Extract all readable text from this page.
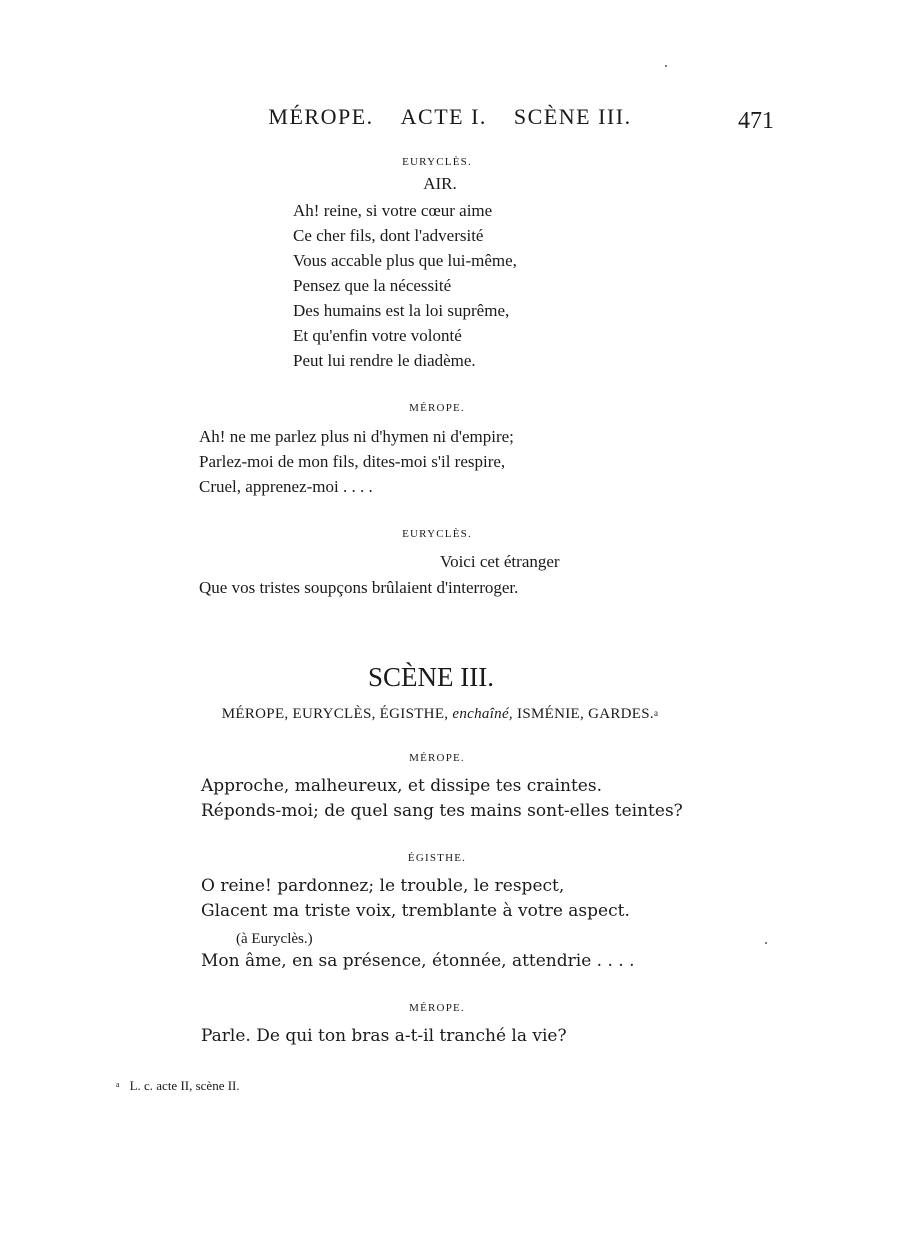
MÉROPE. ACTE I. SCÈNE III.	471
EURYCLÈS.
AIR.
Ah! reine, si votre cœur aime
Ce cher fils, dont l'adversité
Vous accable plus que lui-même,
Pensez que la nécessité
Des humains est la loi suprême,
Et qu'enfin votre volonté
Peut lui rendre le diadème.
MÉROPE.
Ah! ne me parlez plus ni d'hymen ni d'empire;
Parlez-moi de mon fils, dites-moi s'il respire,
Cruel, apprenez-moi . . . .
EURYCLÈS.
Voici cet étranger
Que vos tristes soupçons brûlaient d'interroger.
SCÈNE III.
MÉROPE, EURYCLÈS, ÉGISTHE, enchaîné, ISMÉNIE, GARDES.$^a$
MÉROPE.
Approche, malheureux, et dissipe tes craintes.
Réponds-moi; de quel sang tes mains sont-elles teintes?
ÉGISTHE.
O reine! pardonnez; le trouble, le respect,
Glacent ma triste voix, tremblante à votre aspect.
(à Euryclès.)
Mon âme, en sa présence, étonnée, attendrie . . . .
MÉROPE.
Parle. De qui ton bras a-t-il tranché la vie?
$^a$ L. c. acte II, scène II.
